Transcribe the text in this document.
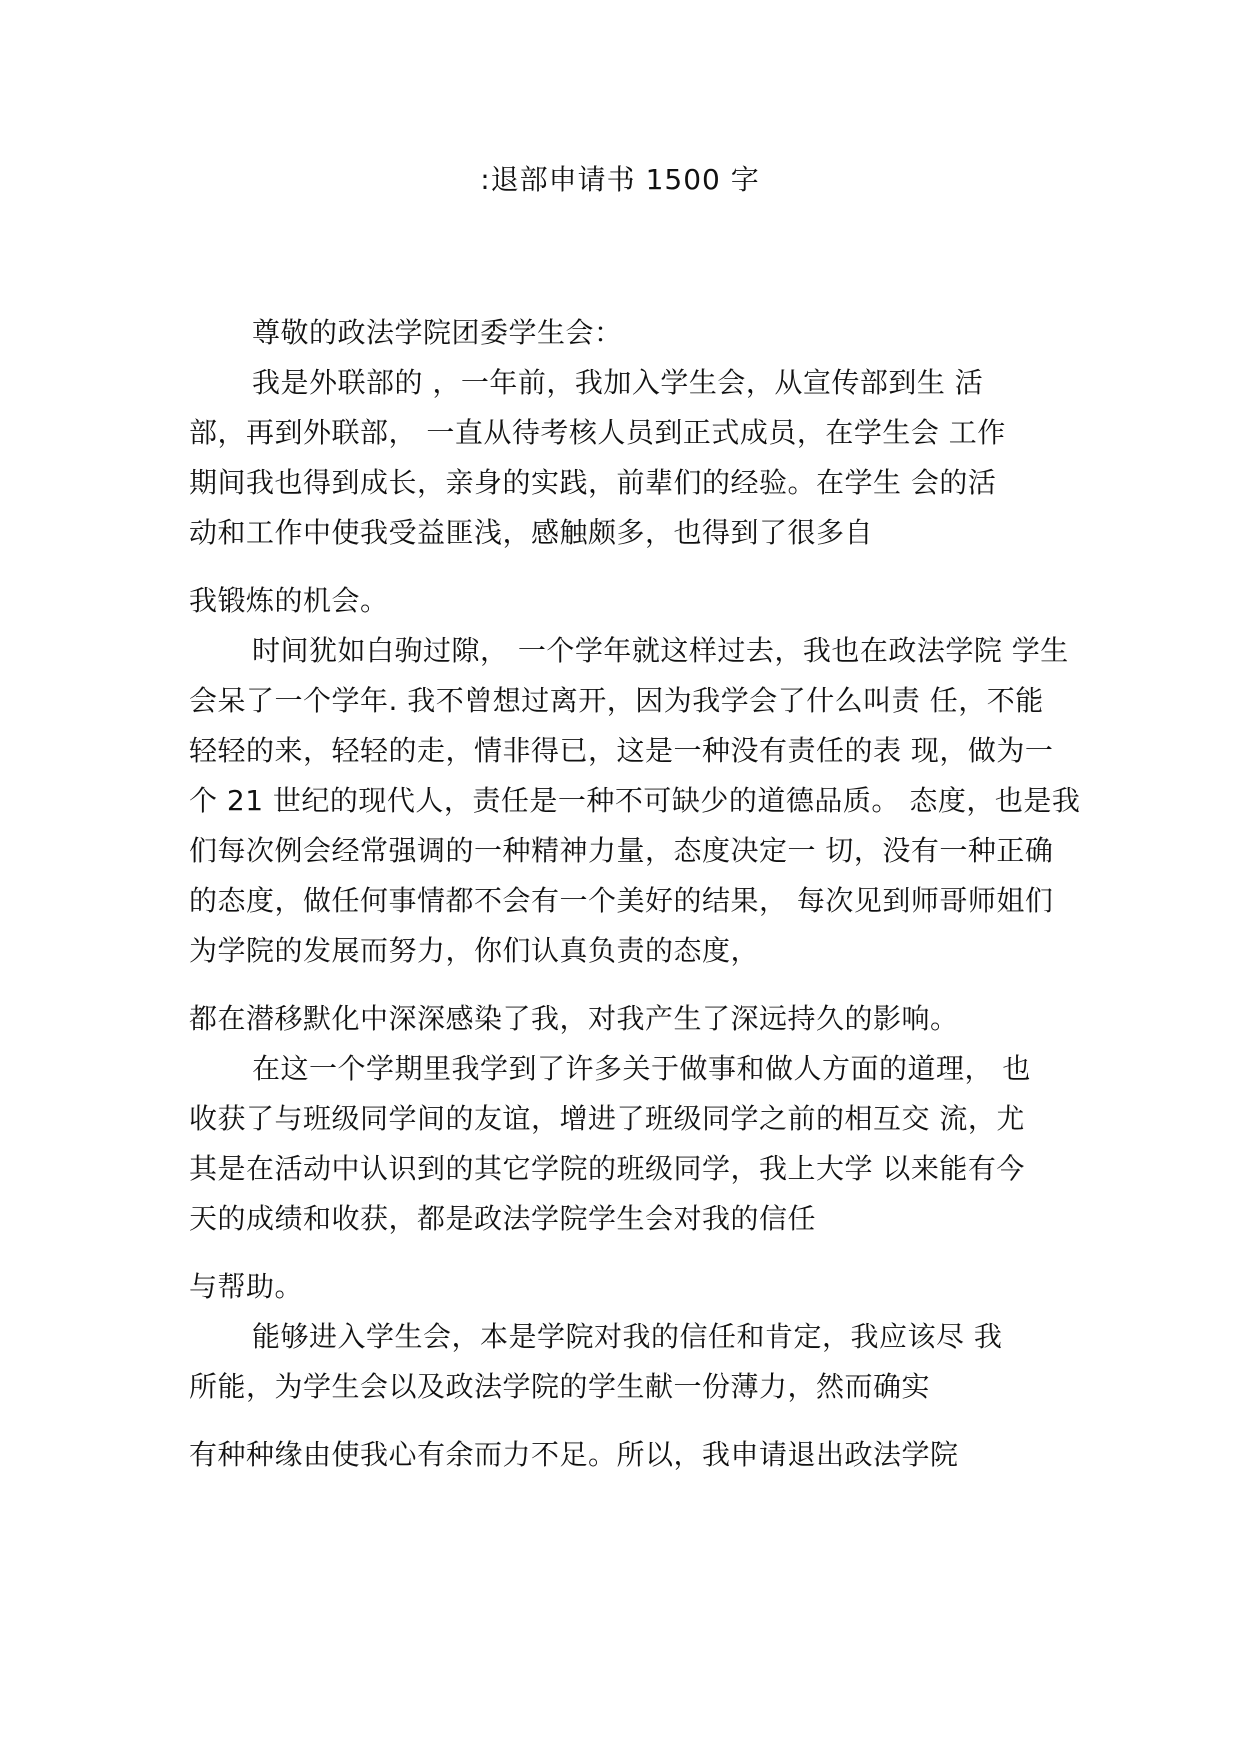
:退部申请书 1500 字
尊敬的政法学院团委学生会：
我是外联部的 ，一年前，我加入学生会，从宣传部到生 活
部，再到外联部， 一直从待考核人员到正式成员，在学生会 工作
期间我也得到成长，亲身的实践，前辈们的经验。在学生 会的活
动和工作中使我受益匪浅，感触颇多，也得到了很多自
我锻炼的机会。
时间犹如白驹过隙， 一个学年就这样过去，我也在政法学院 学生
会呆了一个学年. 我不曾想过离开，因为我学会了什么叫责 任，不能
轻轻的来，轻轻的走，情非得已，这是一种没有责任的表 现，做为一
个 21 世纪的现代人，责任是一种不可缺少的道德品质。 态度，也是我
们每次例会经常强调的一种精神力量，态度决定一 切，没有一种正确
的态度，做任何事情都不会有一个美好的结果， 每次见到师哥师姐们
为学院的发展而努力，你们认真负责的态度，
都在潜移默化中深深感染了我，对我产生了深远持久的影响。
在这一个学期里我学到了许多关于做事和做人方面的道理， 也
收获了与班级同学间的友谊，增进了班级同学之前的相互交 流，尤
其是在活动中认识到的其它学院的班级同学，我上大学 以来能有今
天的成绩和收获，都是政法学院学生会对我的信任
与帮助。
能够进入学生会，本是学院对我的信任和肯定，我应该尽 我
所能，为学生会以及政法学院的学生献一份薄力，然而确实
有种种缘由使我心有余而力不足。所以，我申请退出政法学院
